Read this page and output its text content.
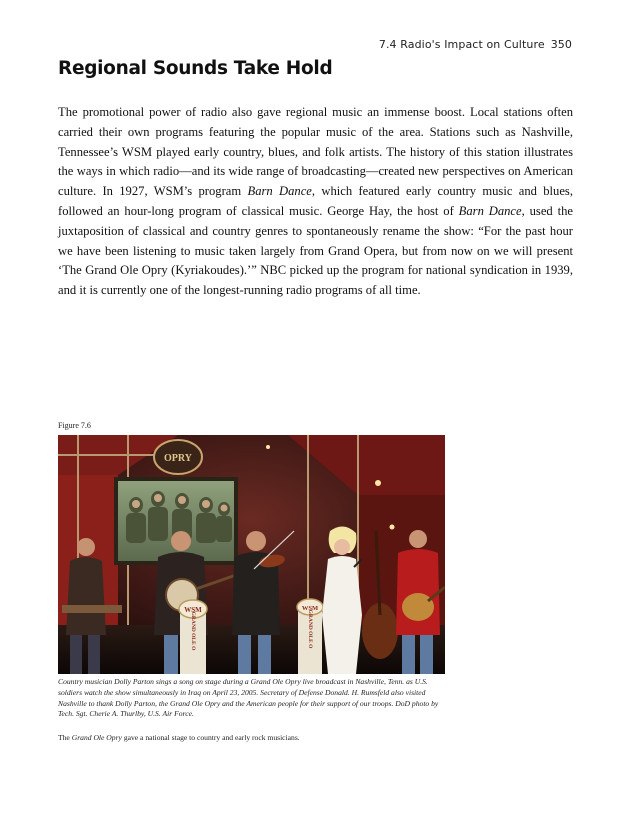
7.4 Radio's Impact on Culture 350
Regional Sounds Take Hold

The promotional power of radio also gave regional music an immense boost. Local stations often carried their own programs featuring the popular music of the area. Stations such as Nashville, Tennessee’s WSM played early country, blues, and folk artists. The history of this station illustrates the ways in which radio—and its wide range of broadcasting—created new perspectives on American culture. In 1927, WSM’s program Barn Dance, which featured early country music and blues, followed an hour-long program of classical music. George Hay, the host of Barn Dance, used the juxtaposition of classical and country genres to spontaneously rename the show: “For the past hour we have been listening to music taken largely from Grand Opera, but from now on we will present ‘The Grand Ole Opry (Kyriakoudes).’” NBC picked up the program for national syndication in 1939, and it is currently one of the longest-running radio programs of all time.

Figure 7.6
OPRY
WSM
GRAND OLE O
WSM
GRAND OLE O

Country musician Dolly Parton sings a song on stage during a Grand Ole Opry live broadcast in Nashville, Tenn. as U.S. soldiers watch the show simultaneously in Iraq on April 23, 2005. Secretary of Defense Donald. H. Rumsfeld also visited Nashville to thank Dolly Parton, the Grand Ole Opry and the American people for their support of our troops. DoD photo by Tech. Sgt. Cherie A. Thurlby, U.S. Air Force.

The Grand Ole Opry gave a national stage to country and early rock musicians.
